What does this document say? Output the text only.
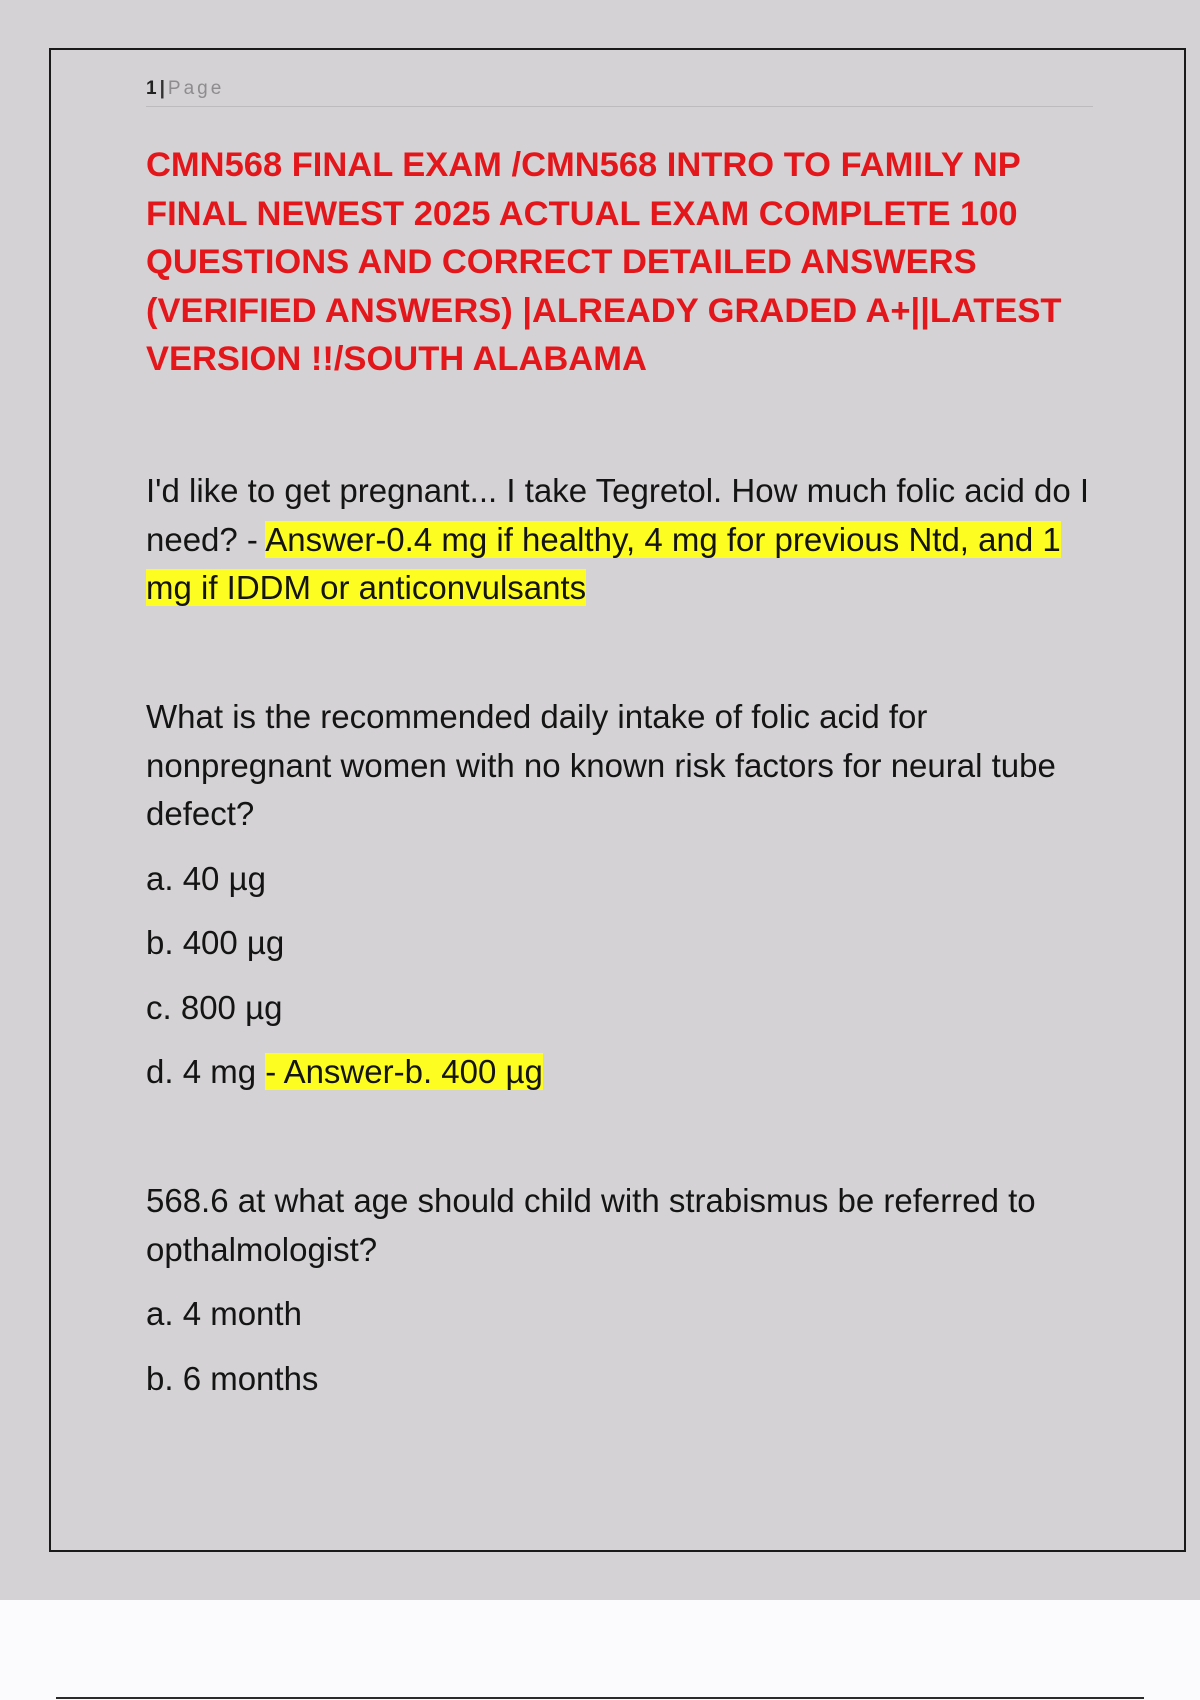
1 | Page
CMN568 FINAL EXAM /CMN568 INTRO TO FAMILY NP FINAL NEWEST 2025 ACTUAL EXAM COMPLETE 100 QUESTIONS AND CORRECT DETAILED ANSWERS (VERIFIED ANSWERS) |ALREADY GRADED A+||LATEST VERSION !!/SOUTH ALABAMA
I'd like to get pregnant... I take Tegretol. How much folic acid do I need? - Answer-0.4 mg if healthy, 4 mg for previous Ntd, and 1 mg if IDDM or anticonvulsants
What is the recommended daily intake of folic acid for nonpregnant women with no known risk factors for neural tube defect?
a. 40 µg
b. 400 µg
c. 800 µg
d. 4 mg - Answer-b. 400 µg
568.6 at what age should child with strabismus be referred to opthalmologist?
a. 4 month
b. 6 months
